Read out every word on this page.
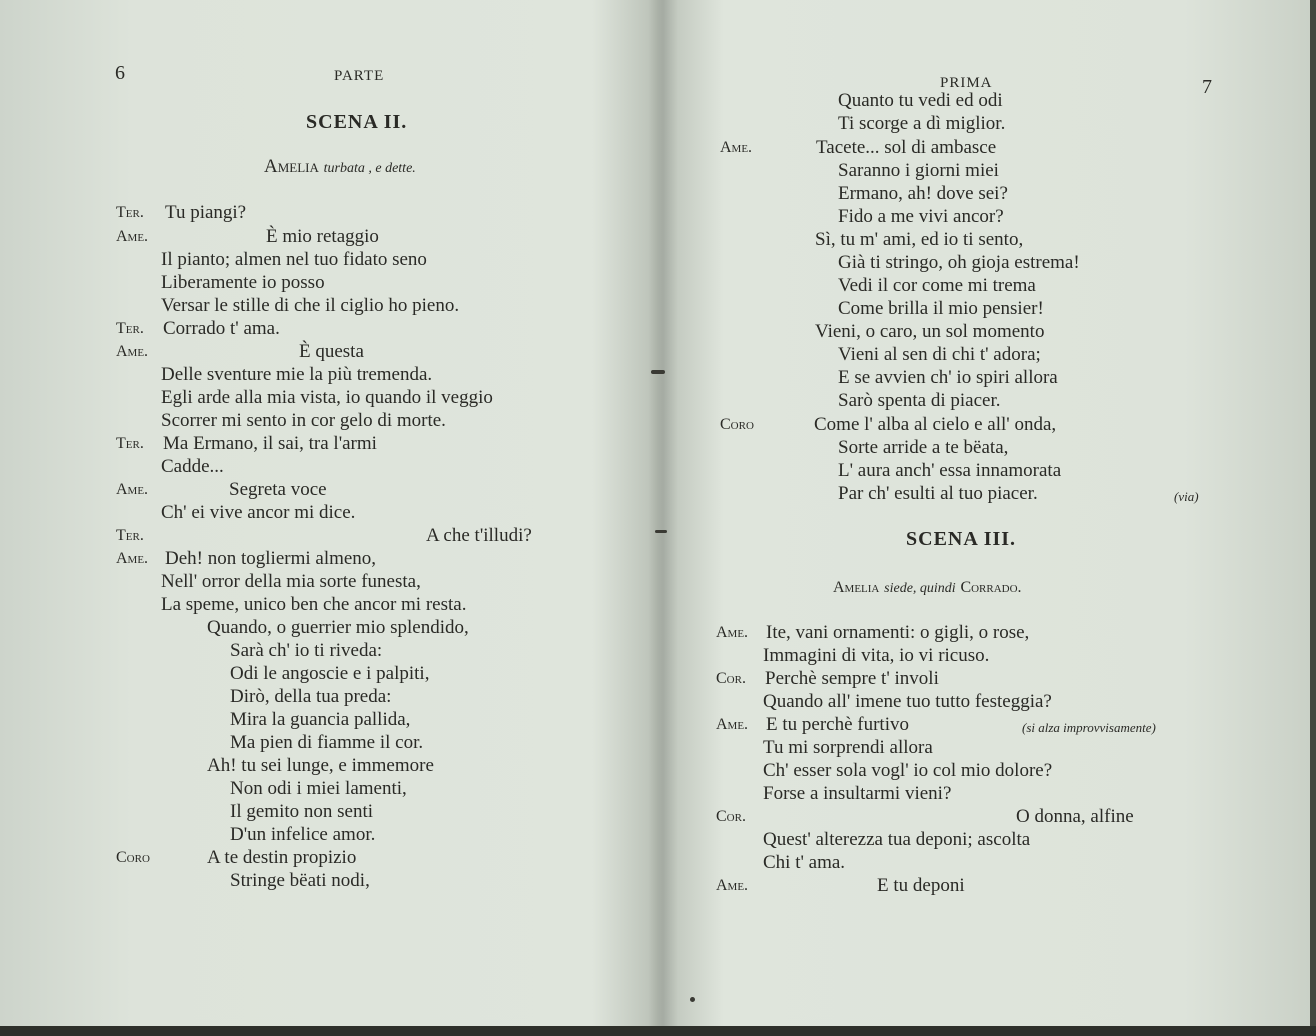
6	PARTE
SCENA II.
Amelia turbata , e dette.
Ter. Tu piangi?
Ame.	È mio retaggio
Il pianto; almen nel tuo fidato seno
Liberamente io posso
Versar le stille di che il ciglio ho pieno.
Ter. Corrado t' ama.
Ame.	È questa
Delle sventure mie la più tremenda.
Egli arde alla mia vista, io quando il veggio
Scorrer mi sento in cor gelo di morte.
Ter. Ma Ermano, il sai, tra l'armi
Cadde...
Ame.	Segreta voce
Ch' ei vive ancor mi dice.
Ter.	A che t'illudi?
Ame. Deh! non togliermi almeno,
Nell' orror della mia sorte funesta,
La speme, unico ben che ancor mi resta.
Quando, o guerrier mio splendido,
Sarà ch' io ti riveda:
Odi le angoscie e i palpiti,
Dirò, della tua preda:
Mira la guancia pallida,
Ma pien di fiamme il cor.
Ah! tu sei lunge, e immemore
Non odi i miei lamenti,
Il gemito non senti
D'un infelice amor.
Coro	A te destin propizio
Stringe bëati nodi,
PRIMA	7
Quanto tu vedi ed odi
Ti scorge a dì miglior.
Ame.	Tacete... sol di ambasce
Saranno i giorni miei
Ermano, ah! dove sei?
Fido a me vivi ancor?
Sì, tu m' ami, ed io ti sento,
Già ti stringo, oh gioja estrema!
Vedi il cor come mi trema
Come brilla il mio pensier!
Vieni, o caro, un sol momento
Vieni al sen di chi t' adora;
E se avvien ch' io spiri allora
Sarò spenta di piacer.
Coro	Come l' alba al cielo e all' onda,
Sorte arride a te bëata,
L' aura anch' essa innamorata
Par ch' esulti al tuo piacer.	(via)
SCENA III.
Amelia siede, quindi Corrado.
Ame. Ite, vani ornamenti: o gigli, o rose,
Immagini di vita, io vi ricuso.
Cor. Perchè sempre t' involi
Quando all' imene tuo tutto festeggia?
Ame. E tu perchè furtivo	(si alza improvvisamente)
Tu mi sorprendi allora
Ch' esser sola vogl' io col mio dolore?
Forse a insultarmi vieni?
Cor.	O donna, alfine
Quest' alterezza tua deponi; ascolta
Chi t' ama.
Ame.	E tu deponi
